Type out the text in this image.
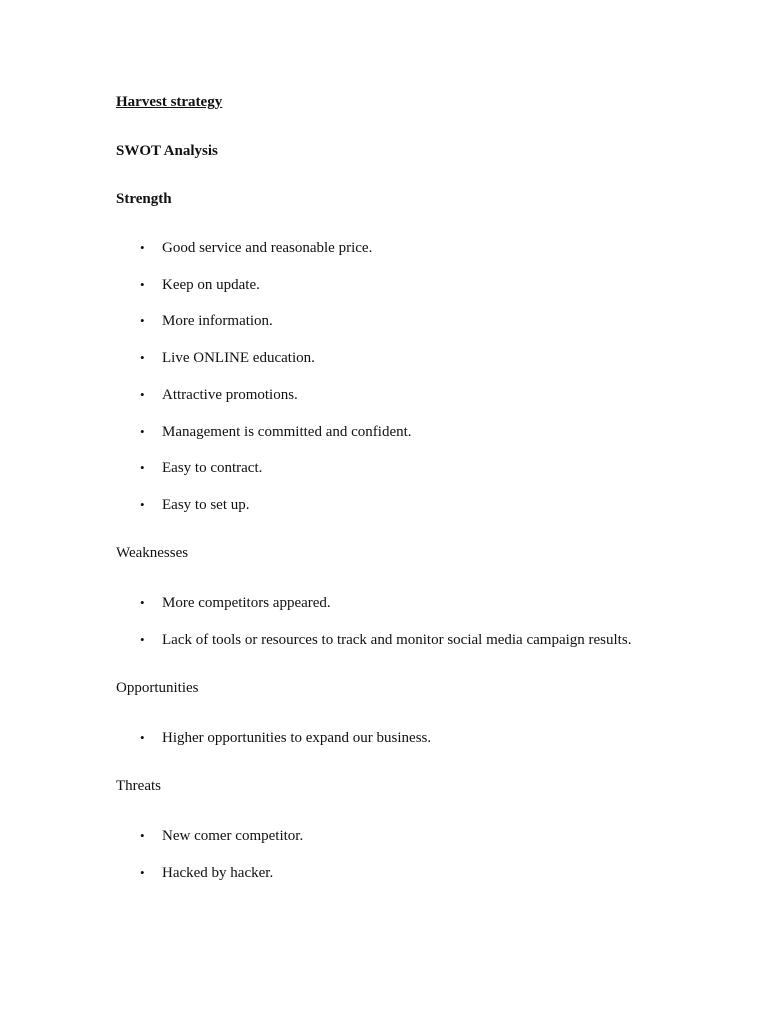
Harvest strategy
SWOT Analysis
Strength
• Good service and reasonable price.
• Keep on update.
• More information.
• Live ONLINE education.
• Attractive promotions.
• Management is committed and confident.
• Easy to contract.
• Easy to set up.
Weaknesses
• More competitors appeared.
• Lack of tools or resources to track and monitor social media campaign results.
Opportunities
• Higher opportunities to expand our business.
Threats
• New comer competitor.
• Hacked by hacker.
